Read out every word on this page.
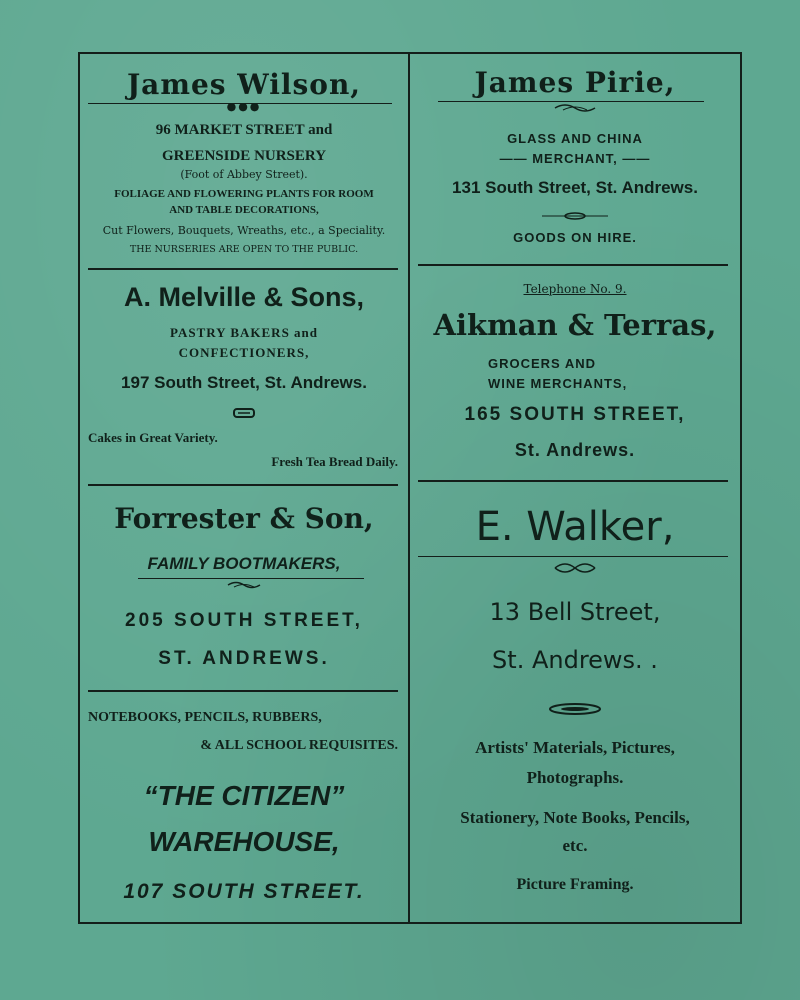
James Wilson,
●●●
96 MARKET STREET and
GREENSIDE NURSERY
(Foot of Abbey Street).
FOLIAGE AND FLOWERING PLANTS FOR ROOM
AND TABLE DECORATIONS,
Cut Flowers, Bouquets, Wreaths, etc., a Speciality.
THE NURSERIES ARE OPEN TO THE PUBLIC.
A. Melville & Sons,
PASTRY BAKERS and
CONFECTIONERS,
197 South Street, St. Andrews.
Cakes in Great Variety.
Fresh Tea Bread Daily.
Forrester & Son,
FAMILY BOOTMAKERS,
205 SOUTH STREET,
ST. ANDREWS.
NOTEBOOKS, PENCILS, RUBBERS,
& ALL SCHOOL REQUISITES.
“THE CITIZEN”
WAREHOUSE,
107 SOUTH STREET.
James Pirie,
GLASS AND CHINA
—— MERCHANT, ——
131 South Street, St. Andrews.
GOODS ON HIRE.
Telephone No. 9.
Aikman & Terras,
GROCERS AND
WINE MERCHANTS,
165 SOUTH STREET,
St. Andrews.
E. Walker,
13 Bell Street,
St. Andrews. .
Artists' Materials, Pictures,
Photographs.
Stationery, Note Books, Pencils,
etc.
Picture Framing.
